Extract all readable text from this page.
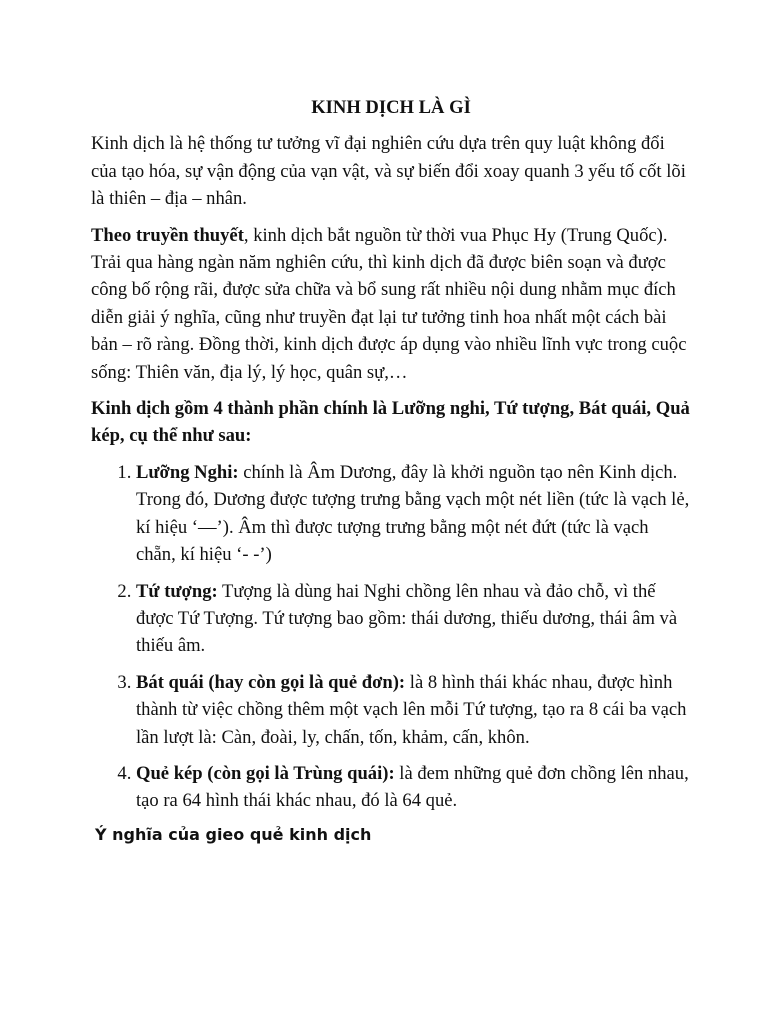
KINH DỊCH LÀ GÌ

Kinh dịch là hệ thống tư tưởng vĩ đại nghiên cứu dựa trên quy luật không đổi của tạo hóa, sự vận động của vạn vật, và sự biến đổi xoay quanh 3 yếu tố cốt lõi là thiên – địa – nhân.

Theo truyền thuyết, kinh dịch bắt nguồn từ thời vua Phục Hy (Trung Quốc). Trải qua hàng ngàn năm nghiên cứu, thì kinh dịch đã được biên soạn và được công bố rộng rãi, được sửa chữa và bổ sung rất nhiều nội dung nhằm mục đích diễn giải ý nghĩa, cũng như truyền đạt lại tư tưởng tinh hoa nhất một cách bài bản – rõ ràng. Đồng thời, kinh dịch được áp dụng vào nhiều lĩnh vực trong cuộc sống: Thiên văn, địa lý, lý học, quân sự,…

Kinh dịch gồm 4 thành phần chính là Lưỡng nghi, Tứ tượng, Bát quái, Quả kép, cụ thể như sau:

1. Lưỡng Nghi: chính là Âm Dương, đây là khởi nguồn tạo nên Kinh dịch. Trong đó, Dương được tượng trưng bằng vạch một nét liền (tức là vạch lẻ, kí hiệu ‘—’). Âm thì được tượng trưng bằng một nét đứt (tức là vạch chẵn, kí hiệu ‘- -’)
2. Tứ tượng: Tượng là dùng hai Nghi chồng lên nhau và đảo chỗ, vì thế được Tứ Tượng. Tứ tượng bao gồm: thái dương, thiếu dương, thái âm và thiếu âm.
3. Bát quái (hay còn gọi là quẻ đơn): là 8 hình thái khác nhau, được hình thành từ việc chồng thêm một vạch lên mỗi Tứ tượng, tạo ra 8 cái ba vạch lần lượt là: Càn, đoài, ly, chấn, tốn, khảm, cấn, khôn.
4. Quẻ kép (còn gọi là Trùng quái): là đem những quẻ đơn chồng lên nhau, tạo ra 64 hình thái khác nhau, đó là 64 quẻ.
Ý nghĩa của gieo quẻ kinh dịch
